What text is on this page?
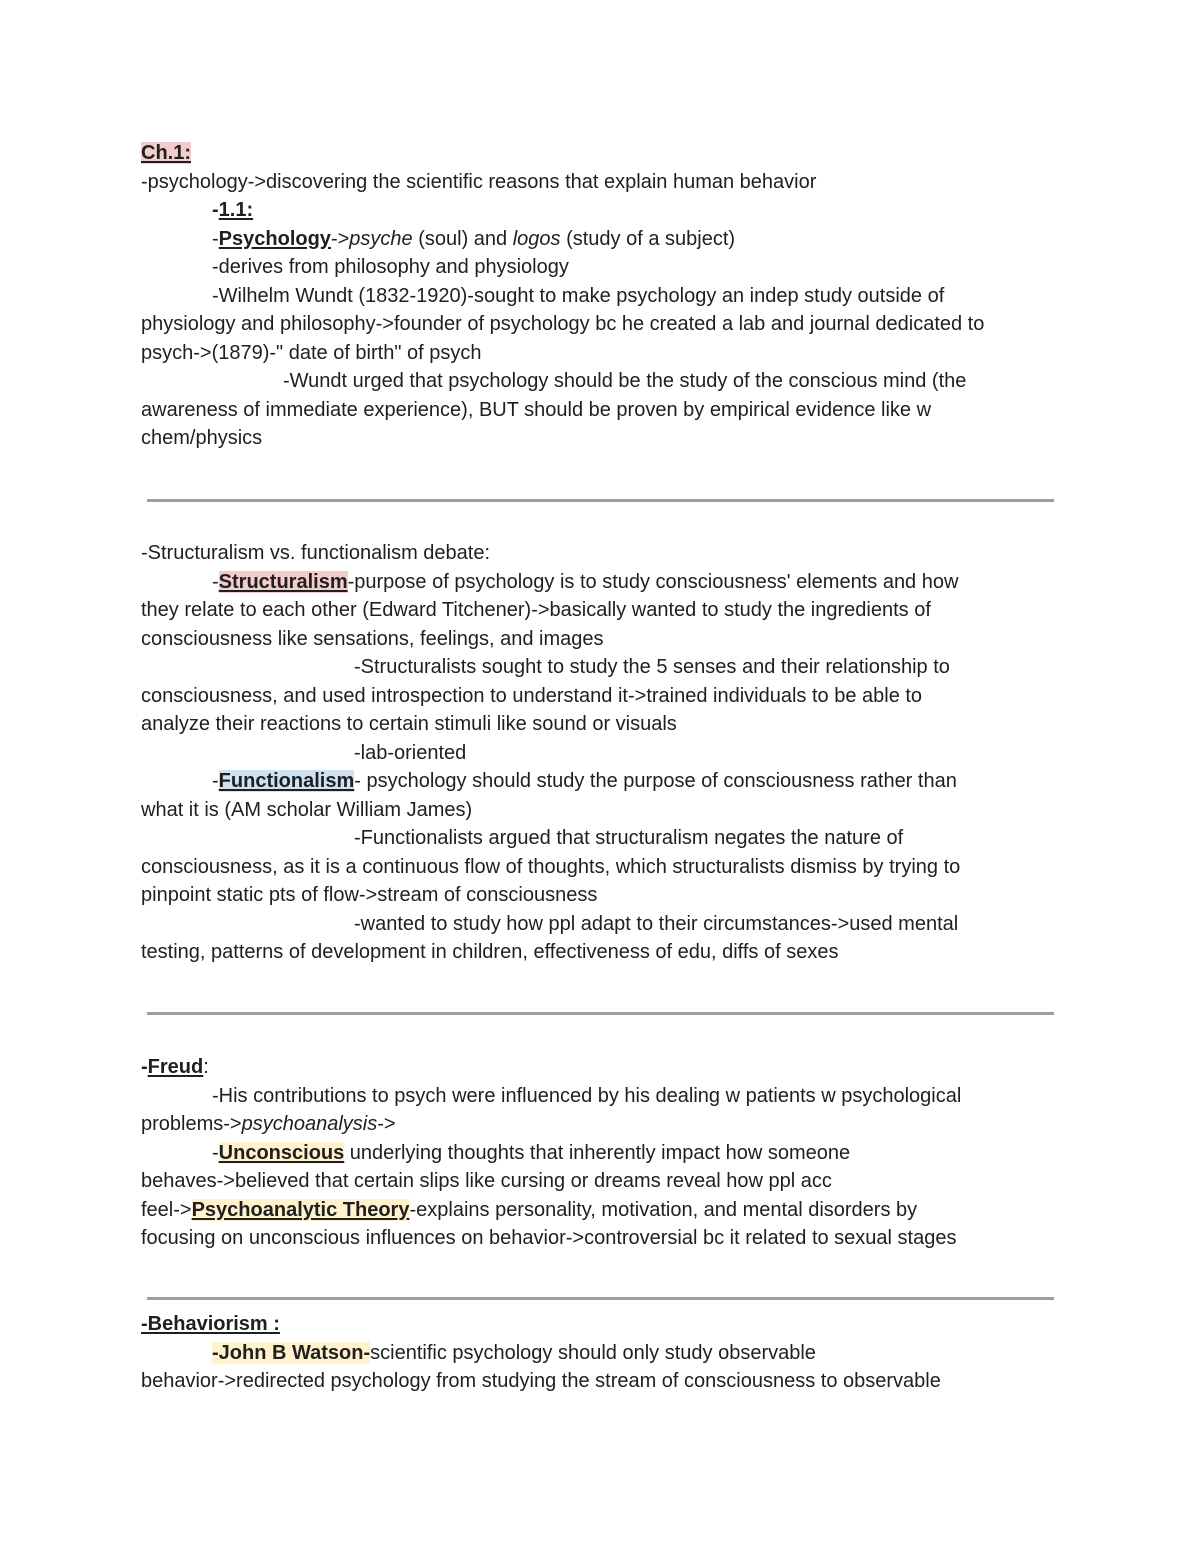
Ch.1:

-psychology->discovering the scientific reasons that explain human behavior

-1.1:

-Psychology->psyche (soul) and logos (study of a subject)

-derives from philosophy and physiology

-Wilhelm Wundt (1832-1920)-sought to make psychology an indep study outside of

physiology and philosophy->founder of psychology bc he created a lab and journal dedicated to

psych->(1879)-" date of birth" of psych

-Wundt urged that psychology should be the study of the conscious mind (the

awareness of immediate experience), BUT should be proven by empirical evidence like w

chem/physics

-Structuralism vs. functionalism debate:

-Structuralism-purpose of psychology is to study consciousness' elements and how

they relate to each other (Edward Titchener)->basically wanted to study the ingredients of

consciousness like sensations, feelings, and images

-Structuralists sought to study the 5 senses and their relationship to

consciousness, and used introspection to understand it->trained individuals to be able to

analyze their reactions to certain stimuli like sound or visuals

-lab-oriented

-Functionalism- psychology should study the purpose of consciousness rather than

what it is (AM scholar William James)

-Functionalists argued that structuralism negates the nature of

consciousness, as it is a continuous flow of thoughts, which structuralists dismiss by trying to

pinpoint static pts of flow->stream of consciousness

-wanted to study how ppl adapt to their circumstances->used mental

testing, patterns of development in children, effectiveness of edu, diffs of sexes

-Freud:

-His contributions to psych were influenced by his dealing w patients w psychological

problems->psychoanalysis->

-Unconscious underlying thoughts that inherently impact how someone

behaves->believed that certain slips like cursing or dreams reveal how ppl acc

feel->Psychoanalytic Theory-explains personality, motivation, and mental disorders by

focusing on unconscious influences on behavior->controversial bc it related to sexual stages

-Behaviorism :

-John B Watson-scientific psychology should only study observable

behavior->redirected psychology from studying the stream of consciousness to observable
